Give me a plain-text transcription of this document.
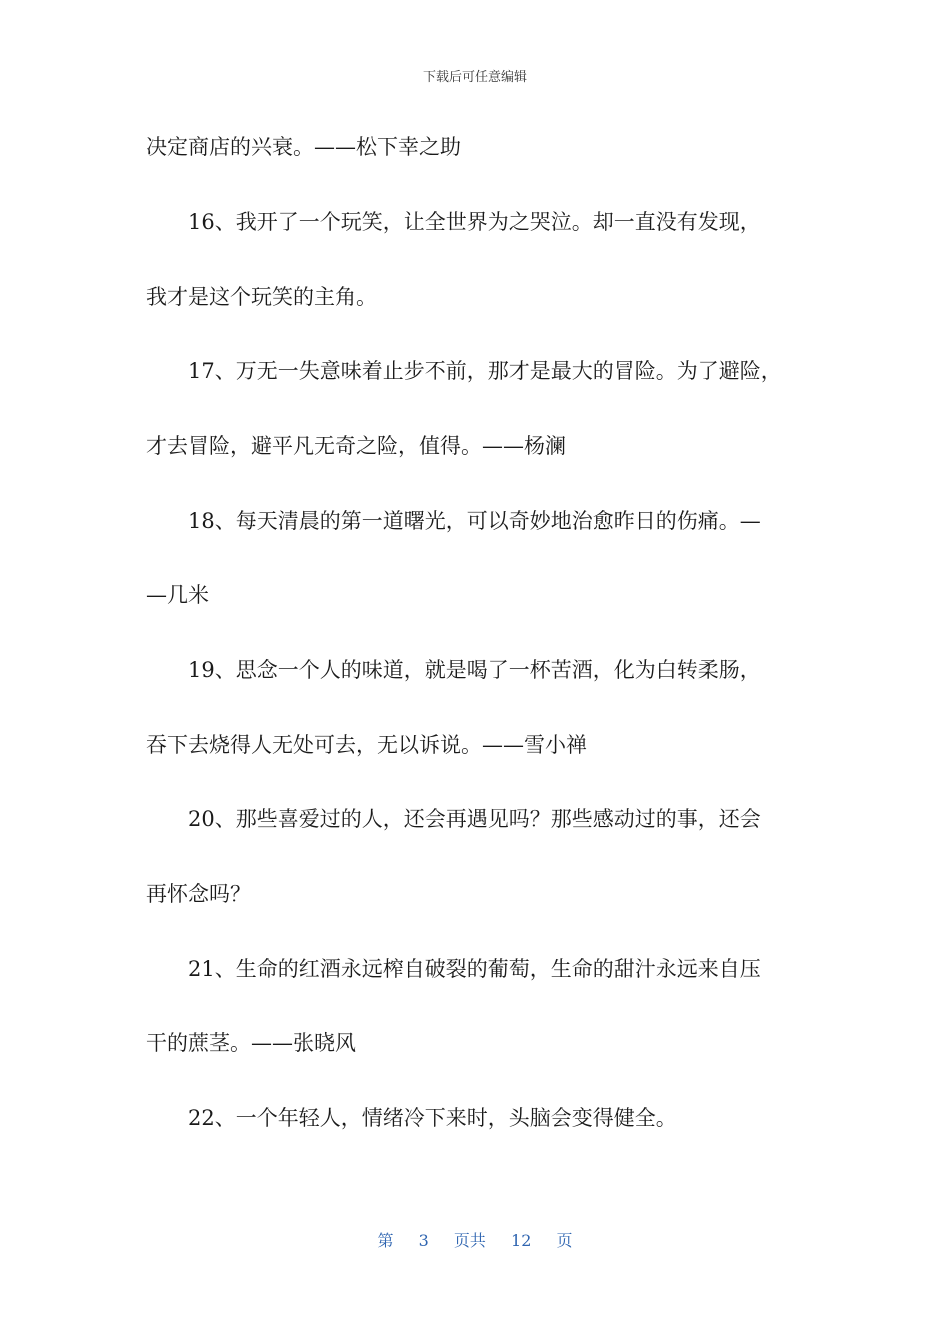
下载后可任意编辑
决定商店的兴衰。——松下幸之助
16、我开了一个玩笑，让全世界为之哭泣。却一直没有发现，
我才是这个玩笑的主角。
17、万无一失意味着止步不前，那才是最大的冒险。为了避险，
才去冒险，避平凡无奇之险，值得。——杨澜
18、每天清晨的第一道曙光，可以奇妙地治愈昨日的伤痛。—
—几米
19、思念一个人的味道，就是喝了一杯苦酒，化为白转柔肠，
吞下去烧得人无处可去，无以诉说。——雪小禅
20、那些喜爱过的人，还会再遇见吗？那些感动过的事，还会
再怀念吗？
21、生命的红酒永远榨自破裂的葡萄，生命的甜汁永远来自压
干的蔗茎。——张晓风
22、一个年轻人，情绪冷下来时，头脑会变得健全。
第 3 页共 12 页
